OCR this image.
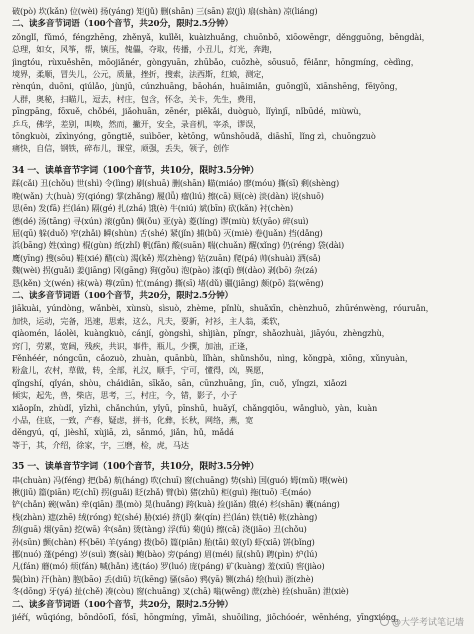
破(pò) 坎(kǎn) 位(wèi) 扬(yáng) 矩(jǔ) 删(shān) 三(sān) 寂(jì) 扇(shàn) 凉(liáng)
二、读多音节词语（100个音节，共20分，限时2.5分钟）
zǒnglǐ，fǔmó，féngzhēng，zhěnyǎ，kuǐlěi，kuàizhuǎng，chuōnbō，xiōowēngr，děngguōng，bēngdài，
总理，如女，风筝，帮，镇压，傀儡，夺取，传播，小丑儿，灯光，奔跑，
jìngtóu，rùxuěshēn，mōojiǎnér，gòngyuān，zhūbǎo，cuōzhè，sōusuō，fēiǎnr，hōngmíng，cèdìng，
境界，柔顺，冒失儿，公元，质量，挫折，搜索，法西斯，红娘，测定，
rènqún，duōni，qiúlǎo，jùnjū，cúnzhuāng，bāohán，huāimiǎn，guōngjǔ，xiānshēng，fēiyōng，
人群，奥秘，扫瞄儿，逗去，村庄，包含，怀念，关卡，先生，费用，
pīngpāng，fōxuě，chǒbéi，jiǎohuān，zēnér，piěkǎi，duòguò，lǐyìnjī，nǐbūdé，miùwù，
乒乓，佛学，差别，叫唤，然而，撇开，安全，录音机，宰杀，谬误，
tōngkuòi，zīxìnyóng，gōngtiě，suìbōer，kètōng，wǔnshōudǎ，diāshī，lǐng zì，chuōngzuò
痛快，自信，钢铁，碎布儿，课堂，顽强，丢失，领子，创作
34 一、读单音节字词（100个音节，共10分，限时3.5分钟）
踩(cǎi) 丑(chǒu) 世(shì) 令(lìng) 刷(shuā) 删(shān) 瞄(miáo) 廖(móu) 撕(sī) 剩(shèng)
晚(wǎn) 大(huà) 穷(qióng) 掌(zhǎng) 履(lǚ) 瘤(liú) 擦(cā) 厕(cè) 淡(dàn) 说(shuō)
思(ēn) 发(fā) 拦(lán) 隔(gé) 扎(zhá) 饿(è) 牛(niú) 斌(bīn) 砍(kǎn) 衬(chèn)
德(dé) 汤(tāng) 寻(xún) 滚(gǔn) 偶(ǒu) 亚(yà) 菱(líng) 谬(miù) 妖(yāo) 碎(suì)
屈(qū) 躲(duǒ) 窄(zhǎi) 瞬(shùn) 舌(shé) 紧(jǐn) 捕(bǔ) 灭(miè) 卷(juǎn) 挡(dǎng)
浜(bāng) 姓(xìng) 棍(gùn) 纸(zhǐ) 帆(fān) 酸(suān) 喘(chuǎn) 醒(xǐng) 仍(réng) 袋(dài)
鹰(yīng) 搜(sōu) 鞋(xié) 醋(cù) 渴(kě) 郑(zhèng) 钻(zuān) 爬(pá) 帅(shuài) 洒(sǎ)
魏(wèi) 拐(guǎi) 姜(jiāng) 冈(gāng) 狗(gǒu) 泡(pào) 漆(qī) 倒(dào) 剥(bō) 杂(zá)
恳(kěn) 文(wén) 袜(wà) 尊(zūn) 忙(máng) 撕(sī) 堵(dǔ) 疆(jiāng) 颇(pō) 翁(wēng)
二、读多音节词语（100个音节，共20分，限时2.5分钟）
jiākuài，yúndòng，wǎnbèi，xùnsù，sìsuò，zhème，pǐnlù，shuǎxīn，chènzhuō，zhūrénwèng，róuruǎn，
加快，运动，完备，迅速，思索，这么，凡夫，耍新，衬衫，主人翁，柔软，
qiàomén，láolèi，kuàngkuò，cánjí，gòngshì，shìjiàn，pǐngr，shǎozhuài，jiāyóu，zhèngzhù，
窍门，劳累，宽阔，残疾，共识，事件，瓶儿，少撰，加油，正逢，
Fěnhéér，nóngcūn，cǎozuò，zhuàn，quānbù，lǐhàn，shǔnshǒu，nìng，kǒngpà，xiōng，xǔnyuàn，
粉盒儿，农村，草做，转，全部，礼汉，顺手，宁可，懂得，凶，巽愿，
qǐngshí，qǐyán，shòu，cháidiān，sīkǎo，sān，cūnzhuāng，jīn，cuǒ，yǐngzi，xiǎozi
倾实，起先，兽，柴店，思考，三，村庄，今，错，影子，小子
xiǎopǐn，zhùdǐ，yīzhì，chǎnchún，yǐyū，pīnshū，huǎyǐ，chǎngqiōu，wǎngluò，yàn，kuàn
小品，住底，一致，产春，疑虑，拼书，化彝，长秋，网络，燕，宽
děngyú，qí，jièshǐ，xùjiā，zì，sǎnmó，jiǎn，hǔ，mǎdá
等于，其，介绍，徐家，字，三磨，检，虎，马达
35 一、读单音节字词（100个音节，共10分，限时3.5分钟）
串(chuàn) 冯(féng) 把(bǎ) 航(háng) 吹(chuī) 窗(chuāng) 势(shì) 国(guó) 姆(mǔ) 喂(wèi)
揪(jiū) 篇(piān) 吃(chī) 拐(guǎi) 眨(zhǎ) 臂(bì) 猪(zhū) 柜(guì) 拖(tuō) 毛(máo)
铲(chǎn) 碗(wǎn) 牵(qiān) 墨(mò) 晃(huǎng) 跨(kuà) 捡(jiǎn) 俄(é) 杉(shān) 囊(náng)
栈(zhàn) 遮(zhē) 绒(róng) 蛇(shé) 胁(xié) 挤(jǐ) 秦(qín) 拦(lán) 铁(tiě) 帐(zhàng)
刮(guā) 烟(yān) 挖(wā) 伞(sǎn) 烫(tàng) 浮(fú) 菊(jú) 擦(cā) 浇(jiāo) 丑(chǒu)
孙(sūn) 颤(chàn) 杯(bēi) 羊(yáng) 拨(bō) 篇(piān) 胎(tāi) 蚁(yǐ) 虾(xiā) 饼(bǐng)
挪(nuó) 蓬(péng) 岁(suì) 赛(sài) 鲍(bào) 旁(páng) 眉(méi) 鼠(shǔ) 聘(pìn) 炉(lú)
凡(fán) 蘑(mó) 烦(fán) 喊(hǎn) 逃(táo) 罗(luó) 庞(páng) 矿(kuàng) 羞(xiū) 窖(jiào)
鬓(bìn) 汗(hàn) 胞(bāo) 丢(diū) 坑(kēng) 骚(sāo) 鸦(yā) 铡(zhá) 绘(huì) 浙(zhè)
冬(dōng) 牙(yá) 扯(chě) 凑(còu) 窗(chuāng) 叉(chā) 嗡(wēng) 蔗(zhè) 拴(shuān) 泄(xiè)
二、读多音节词语（100个音节，共20分，限时2.5分钟）
jiéří，wūqióng，bōndōoIī，fósī，hōngmíng，yīmǎi，shuōiling，jiōchóoér，wēnhéng，yīngxióng，
@大学考试笔记墙
